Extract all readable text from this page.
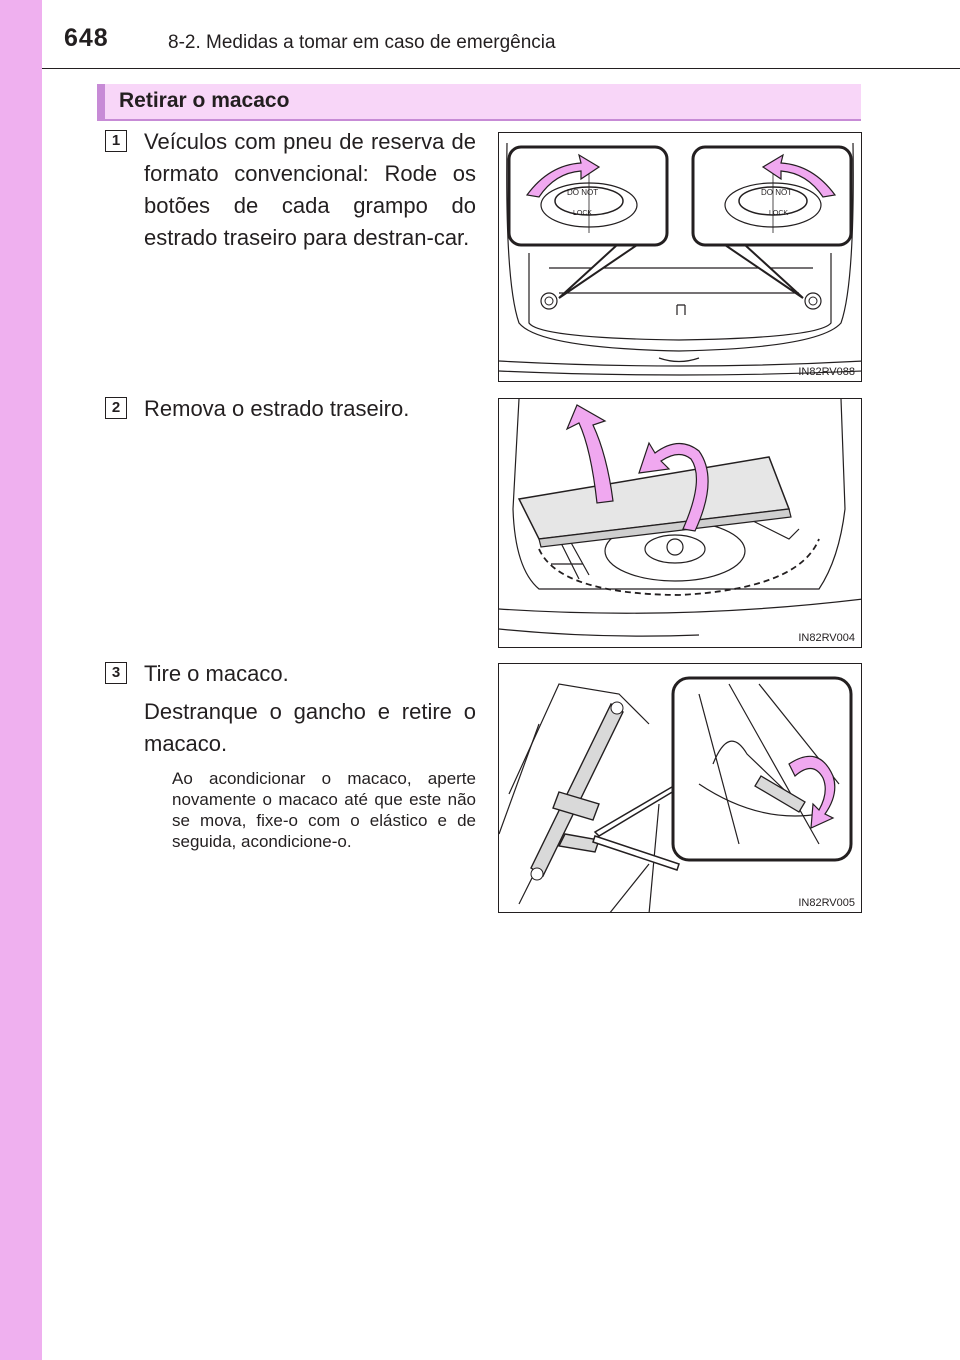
648	8-2. Medidas a tomar em caso de emergência
Retirar o macaco
1	Veículos com pneu de reserva de formato convencional: Rode os botões de cada grampo do estrado traseiro para destran-car.
DO NOT
LOCK
DO NOT
LOCK
IN82RV088
2	Remova o estrado traseiro.
IN82RV004
3	Tire o macaco.
Destranque o gancho e retire o macaco.
Ao acondicionar o macaco, aperte novamente o macaco até que este não se mova, fixe-o com o elástico e de seguida, acondicione-o.
IN82RV005
